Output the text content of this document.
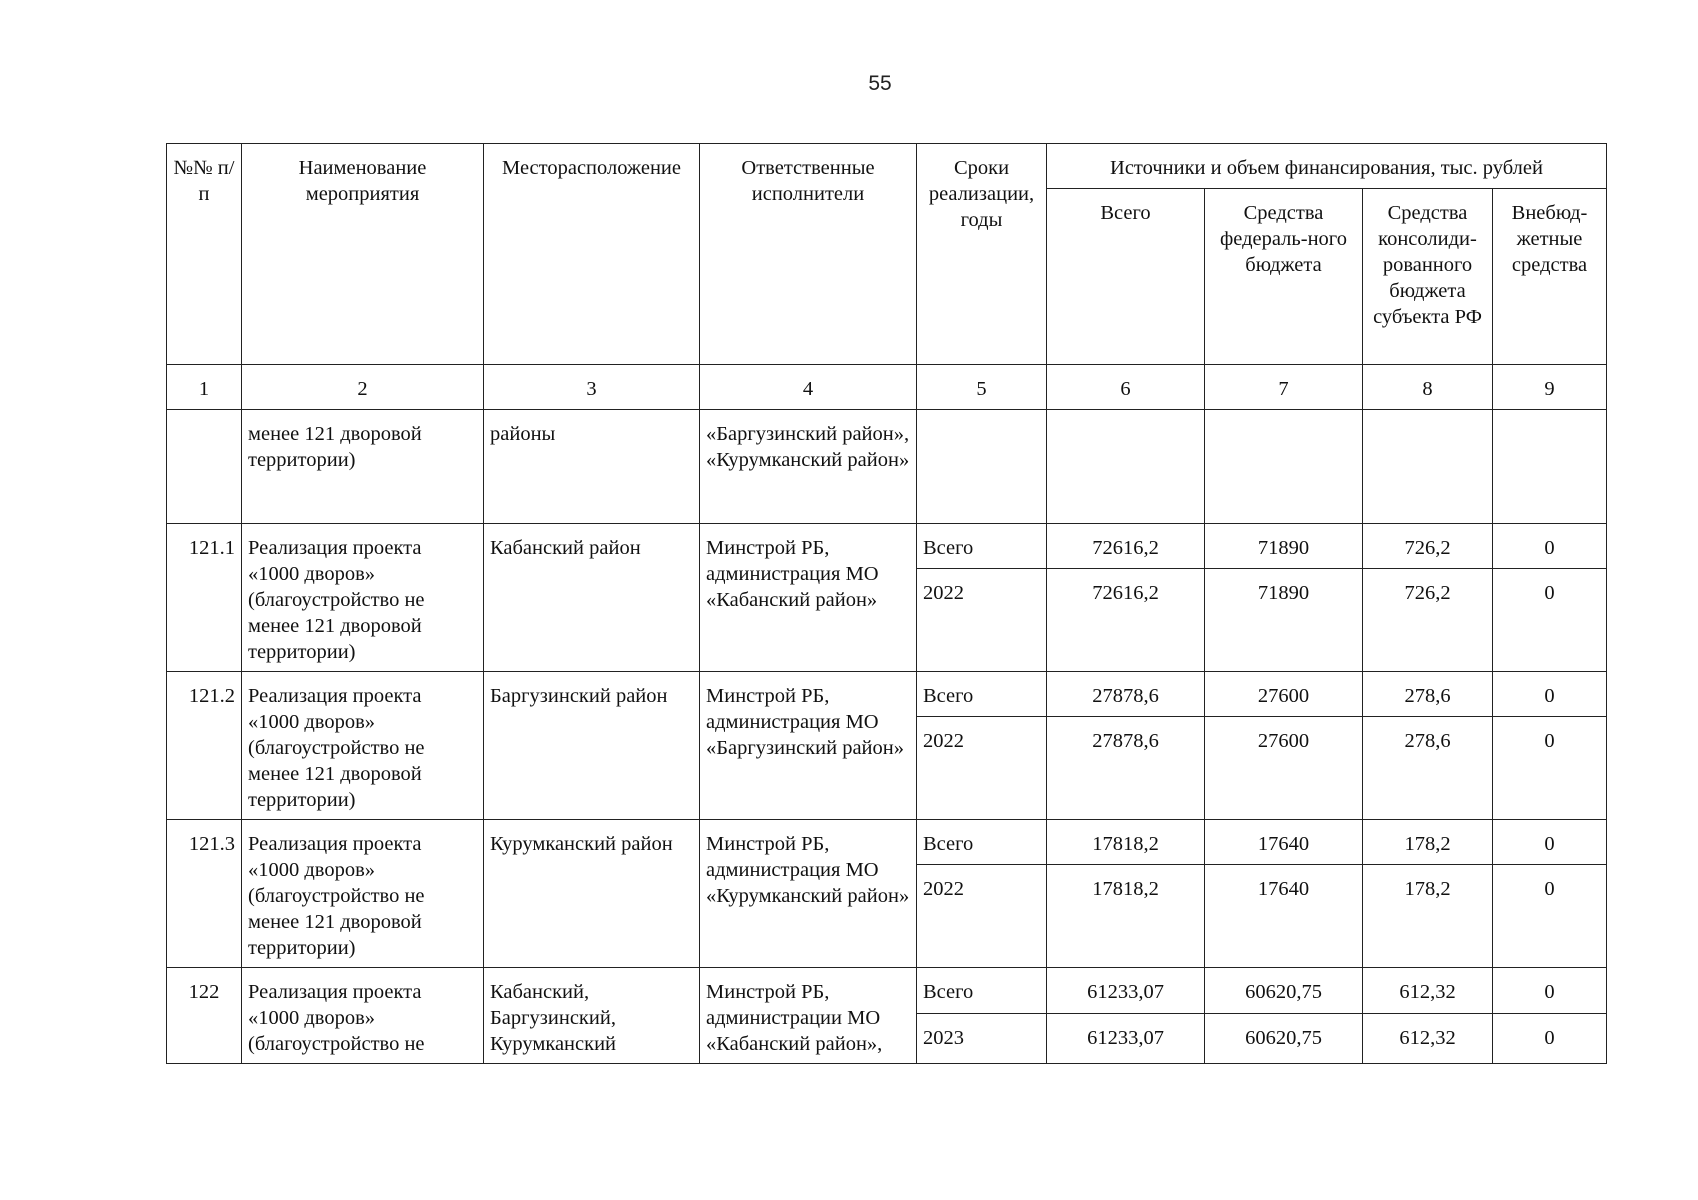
55
№№ п/п	Наименование мероприятия	Месторасположение	Ответственные исполнители	Сроки реализации, годы	Источники и объем финансирования, тыс. рублей			
					Всего	Средства федераль-ного бюджета	Средства консолиди-рованного бюджета субъекта РФ	Внебюд-жетные средства
1	2	3	4	5	6	7	8	9
	менее 121 дворовой территории)	районы	«Баргузинский район», «Курумканский район»					
121.1	Реализация проекта «1000 дворов» (благоустройство не менее 121 дворовой территории)	Кабанский район	Минстрой РБ, администрация МО «Кабанский район»	Всего	72616,2	71890	726,2	0
				2022	72616,2	71890	726,2	0
121.2	Реализация проекта «1000 дворов» (благоустройство не менее 121 дворовой территории)	Баргузинский район	Минстрой РБ, администрация МО «Баргузинский район»	Всего	27878,6	27600	278,6	0
				2022	27878,6	27600	278,6	0
121.3	Реализация проекта «1000 дворов» (благоустройство не менее 121 дворовой территории)	Курумканский район	Минстрой РБ, администрация МО «Курумканский район»	Всего	17818,2	17640	178,2	0
				2022	17818,2	17640	178,2	0
122	Реализация проекта «1000 дворов» (благоустройство не	Кабанский, Баргузинский, Курумканский	Минстрой РБ, администрации МО «Кабанский район»,	Всего	61233,07	60620,75	612,32	0
				2023	61233,07	60620,75	612,32	0
